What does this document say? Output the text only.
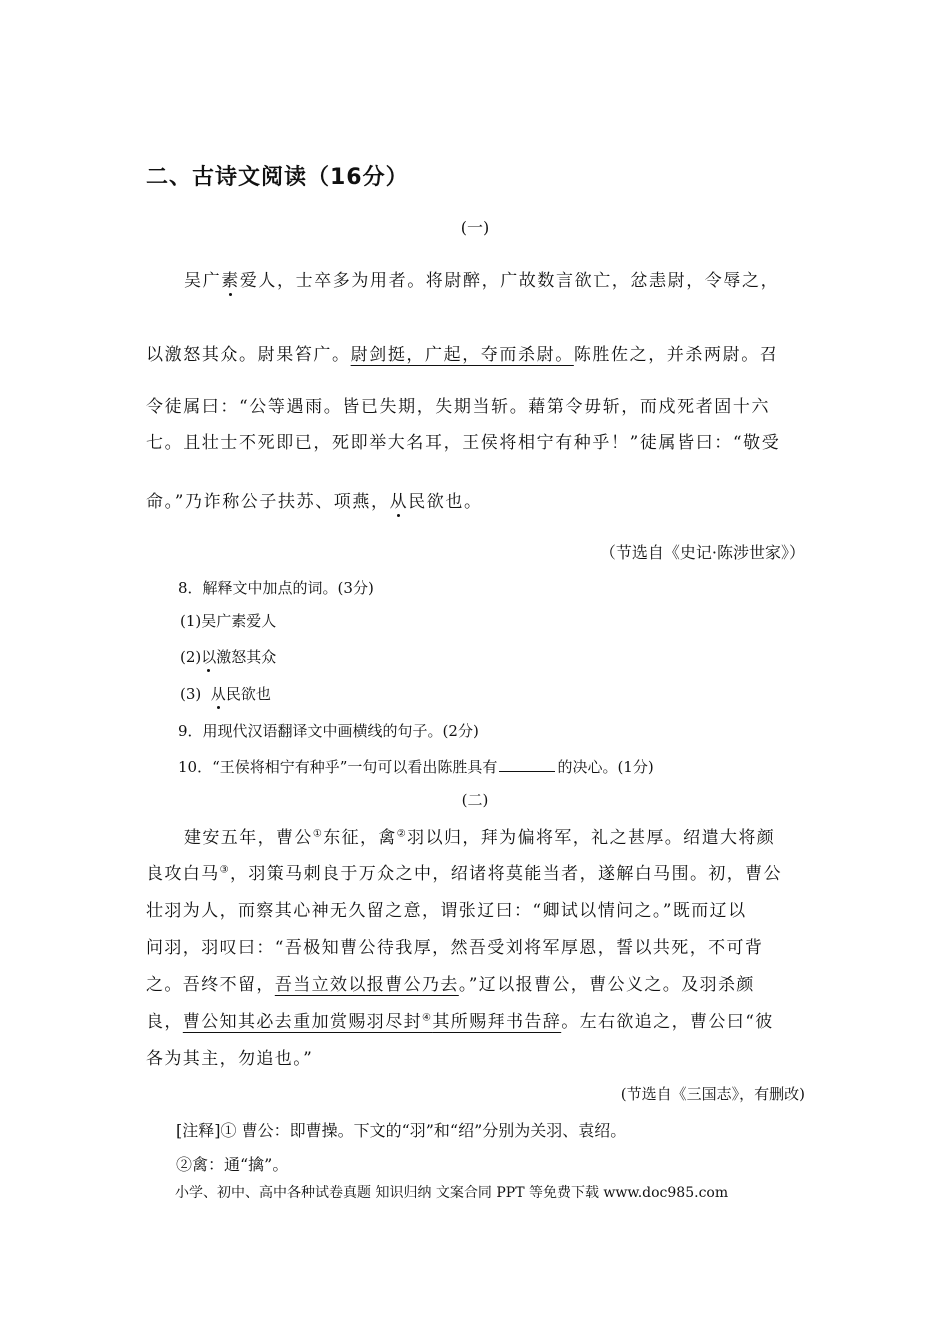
二、古诗文阅读（16分）
(一)
吴广素爱人，士卒多为用者。将尉醉，广故数言欲亡，忿恚尉，令辱之，
以激怒其众。尉果笞广。尉剑挺，广起，夺而杀尉。陈胜佐之，并杀两尉。召
令徒属曰：“公等遇雨。皆已失期，失期当斩。藉第令毋斩，而戍死者固十六
七。且壮士不死即已，死即举大名耳，王侯将相宁有种乎！”徒属皆曰：“敬受
命。”乃诈称公子扶苏、项燕，从民欲也。
（节选自《史记·陈涉世家》）
8．解释文中加点的词。(3分)
(1)吴广素爱人
(2)以激怒其众
(3)  从民欲也
9．用现代汉语翻译文中画横线的句子。(2分)
10．“王侯将相宁有种乎”一句可以看出陈胜具有	的决心。(1分)
(二)
建安五年，曹公①东征，禽②羽以归，拜为偏将军，礼之甚厚。绍遣大将颜
良攻白马③，羽策马刺良于万众之中，绍诸将莫能当者，遂解白马围。初，曹公
壮羽为人，而察其心神无久留之意，谓张辽曰：“卿试以情问之。”既而辽以
问羽，羽叹曰：“吾极知曹公待我厚，然吾受刘将军厚恩，誓以共死，不可背
之。吾终不留，吾当立效以报曹公乃去。”辽以报曹公，曹公义之。及羽杀颜
良，曹公知其必去重加赏赐羽尽封④其所赐拜书告辞。左右欲追之，曹公曰“彼
各为其主，勿追也。”
(节选自《三国志》，有删改)
[注释]① 曹公：即曹操。下文的“羽”和“绍”分别为关羽、袁绍。
②禽：通“擒”。
小学、初中、高中各种试卷真题 知识归纳 文案合同 PPT 等免费下载 www.doc985.com
